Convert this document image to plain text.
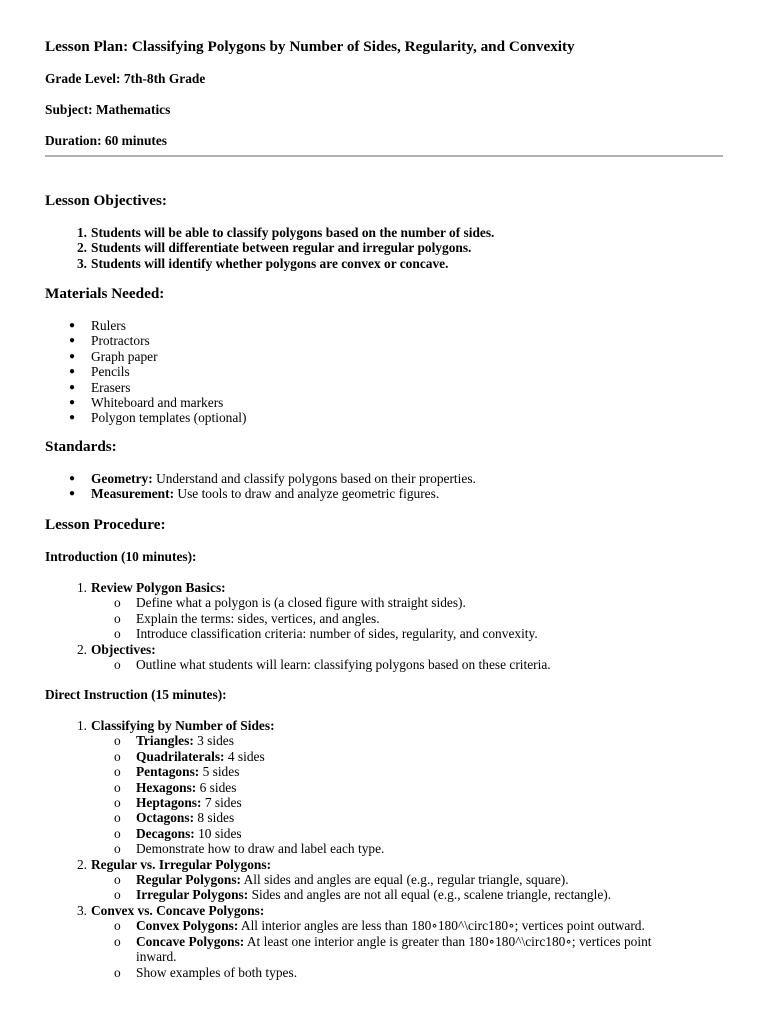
Lesson Plan: Classifying Polygons by Number of Sides, Regularity, and Convexity
Grade Level: 7th-8th Grade
Subject: Mathematics
Duration: 60 minutes
Lesson Objectives:
1. Students will be able to classify polygons based on the number of sides.
2. Students will differentiate between regular and irregular polygons.
3. Students will identify whether polygons are convex or concave.
Materials Needed:
● Rulers
● Protractors
● Graph paper
● Pencils
● Erasers
● Whiteboard and markers
● Polygon templates (optional)
Standards:
● Geometry: Understand and classify polygons based on their properties.
● Measurement: Use tools to draw and analyze geometric figures.
Lesson Procedure:
Introduction (10 minutes):
1. Review Polygon Basics:
o Define what a polygon is (a closed figure with straight sides).
o Explain the terms: sides, vertices, and angles.
o Introduce classification criteria: number of sides, regularity, and convexity.
2. Objectives:
o Outline what students will learn: classifying polygons based on these criteria.
Direct Instruction (15 minutes):
1. Classifying by Number of Sides:
o Triangles: 3 sides
o Quadrilaterals: 4 sides
o Pentagons: 5 sides
o Hexagons: 6 sides
o Heptagons: 7 sides
o Octagons: 8 sides
o Decagons: 10 sides
o Demonstrate how to draw and label each type.
2. Regular vs. Irregular Polygons:
o Regular Polygons: All sides and angles are equal (e.g., regular triangle, square).
o Irregular Polygons: Sides and angles are not all equal (e.g., scalene triangle, rectangle).
3. Convex vs. Concave Polygons:
o Convex Polygons: All interior angles are less than 180∘180^\circ180∘; vertices point outward.
o Concave Polygons: At least one interior angle is greater than 180∘180^\circ180∘; vertices point
inward.
o Show examples of both types.
